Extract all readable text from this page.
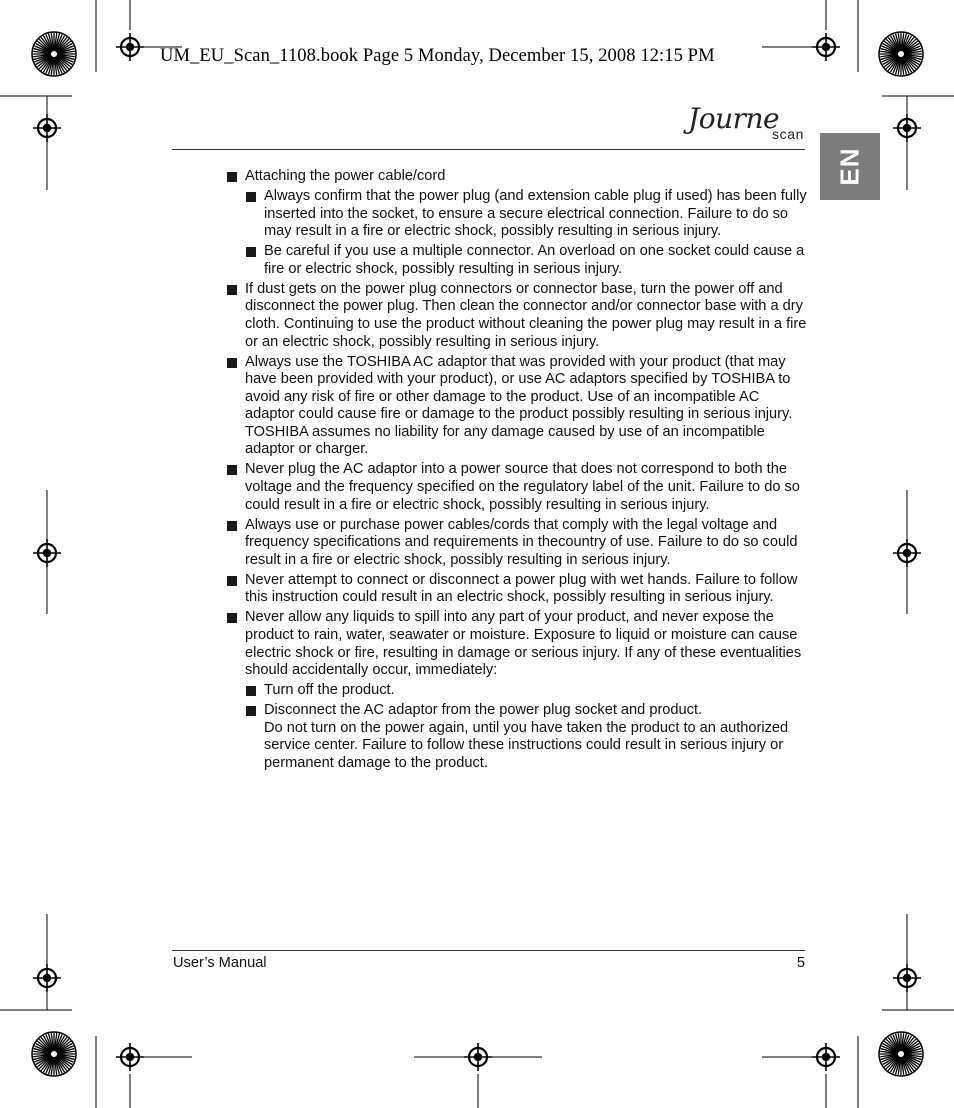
UM_EU_Scan_1108.book Page 5 Monday, December 15, 2008 12:15 PM
Journe
scan
EN
Attaching the power cable/cord
Always confirm that the power plug (and extension cable plug if used) has been fully inserted into the socket, to ensure a secure electrical connection. Failure to do so may result in a fire or electric shock, possibly resulting in serious injury.
Be careful if you use a multiple connector. An overload on one socket could cause a fire or electric shock, possibly resulting in serious injury.
If dust gets on the power plug connectors or connector base, turn the power off and disconnect the power plug. Then clean the connector and/or connector base with a dry cloth. Continuing to use the product without cleaning the power plug may result in a fire or an electric shock, possibly resulting in serious injury.
Always use the TOSHIBA AC adaptor that was provided with your product (that may have been provided with your product), or use AC adaptors specified by TOSHIBA to avoid any risk of fire or other damage to the product. Use of an incompatible AC adaptor could cause fire or damage to the product possibly resulting in serious injury. TOSHIBA assumes no liability for any damage caused by use of an incompatible adaptor or charger.
Never plug the AC adaptor into a power source that does not correspond to both the voltage and the frequency specified on the regulatory label of the unit. Failure to do so could result in a fire or electric shock, possibly resulting in serious injury.
Always use or purchase power cables/cords that comply with the legal voltage and frequency specifications and requirements in thecountry of use. Failure to do so could result in a fire or electric shock, possibly resulting in serious injury.
Never attempt to connect or disconnect a power plug with wet hands. Failure to follow this instruction could result in an electric shock, possibly resulting in serious injury.
Never allow any liquids to spill into any part of your product, and never expose the product to rain, water, seawater or moisture. Exposure to liquid or moisture can cause electric shock or fire, resulting in damage or serious injury. If any of these eventualities should accidentally occur, immediately:
Turn off the product.
Disconnect the AC adaptor from the power plug socket and product.
Do not turn on the power again, until you have taken the product to an authorized service center. Failure to follow these instructions could result in serious injury or permanent damage to the product.
User’s Manual	5
